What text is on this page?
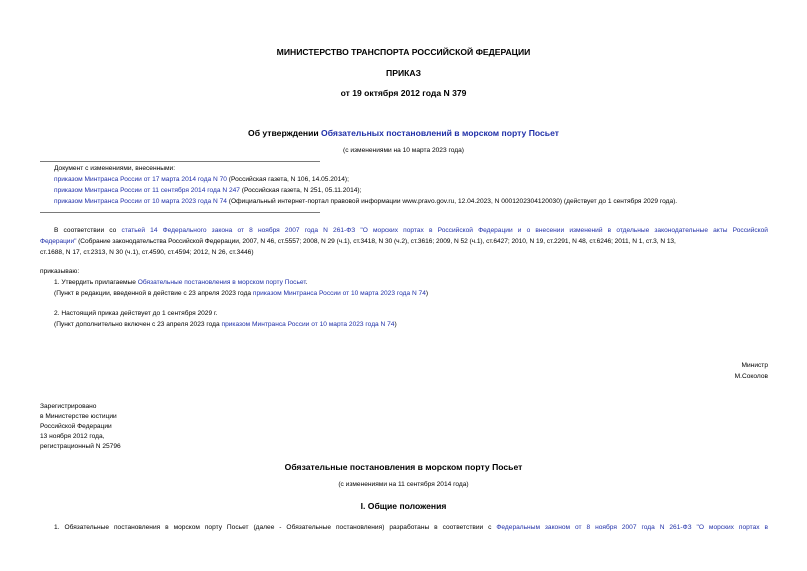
МИНИСТЕРСТВО ТРАНСПОРТА РОССИЙСКОЙ ФЕДЕРАЦИИ
ПРИКАЗ
от 19 октября 2012 года N 379
Об утверждении Обязательных постановлений в морском порту Посьет
(с изменениями на 10 марта 2023 года)
Документ с изменениями, внесенными:
приказом Минтранса России от 17 марта 2014 года N 70 (Российская газета, N 106, 14.05.2014);
приказом Минтранса России от 11 сентября 2014 года N 247 (Российская газета, N 251, 05.11.2014);
приказом Минтранса России от 10 марта 2023 года N 74 (Официальный интернет-портал правовой информации www.pravo.gov.ru, 12.04.2023, N 0001202304120030) (действует до 1 сентября 2029 года).
В соответствии со статьей 14 Федерального закона от 8 ноября 2007 года N 261-ФЗ "О морских портах в Российской Федерации и о внесении изменений в отдельные законодательные акты Российской
Федерации" (Собрание законодательства Российской Федерации, 2007, N 46, ст.5557; 2008, N 29 (ч.1), ст.3418, N 30 (ч.2), ст.3616; 2009, N 52 (ч.1), ст.6427; 2010, N 19, ст.2291, N 48, ст.6246; 2011, N 1, ст.3, N 13,
ст.1688, N 17, ст.2313, N 30 (ч.1), ст.4590, ст.4594; 2012, N 26, ст.3446)
приказываю:
1. Утвердить прилагаемые Обязательные постановления в морском порту Посьет.
(Пункт в редакции, введенной в действие с 23 апреля 2023 года приказом Минтранса России от 10 марта 2023 года N 74)
2. Настоящий приказ действует до 1 сентября 2029 г.
(Пункт дополнительно включен с 23 апреля 2023 года приказом Минтранса России от 10 марта 2023 года N 74)
Министр
М.Соколов
Зарегистрировано
в Министерстве юстиции
Российской Федерации
13 ноября 2012 года,
регистрационный N 25796
Обязательные постановления в морском порту Посьет
(с изменениями на 11 сентября 2014 года)
I. Общие положения
1. Обязательные постановления в морском порту Посьет (далее - Обязательные постановления) разработаны в соответствии с Федеральным законом от 8 ноября 2007 года N 261-ФЗ "О морских портах в
